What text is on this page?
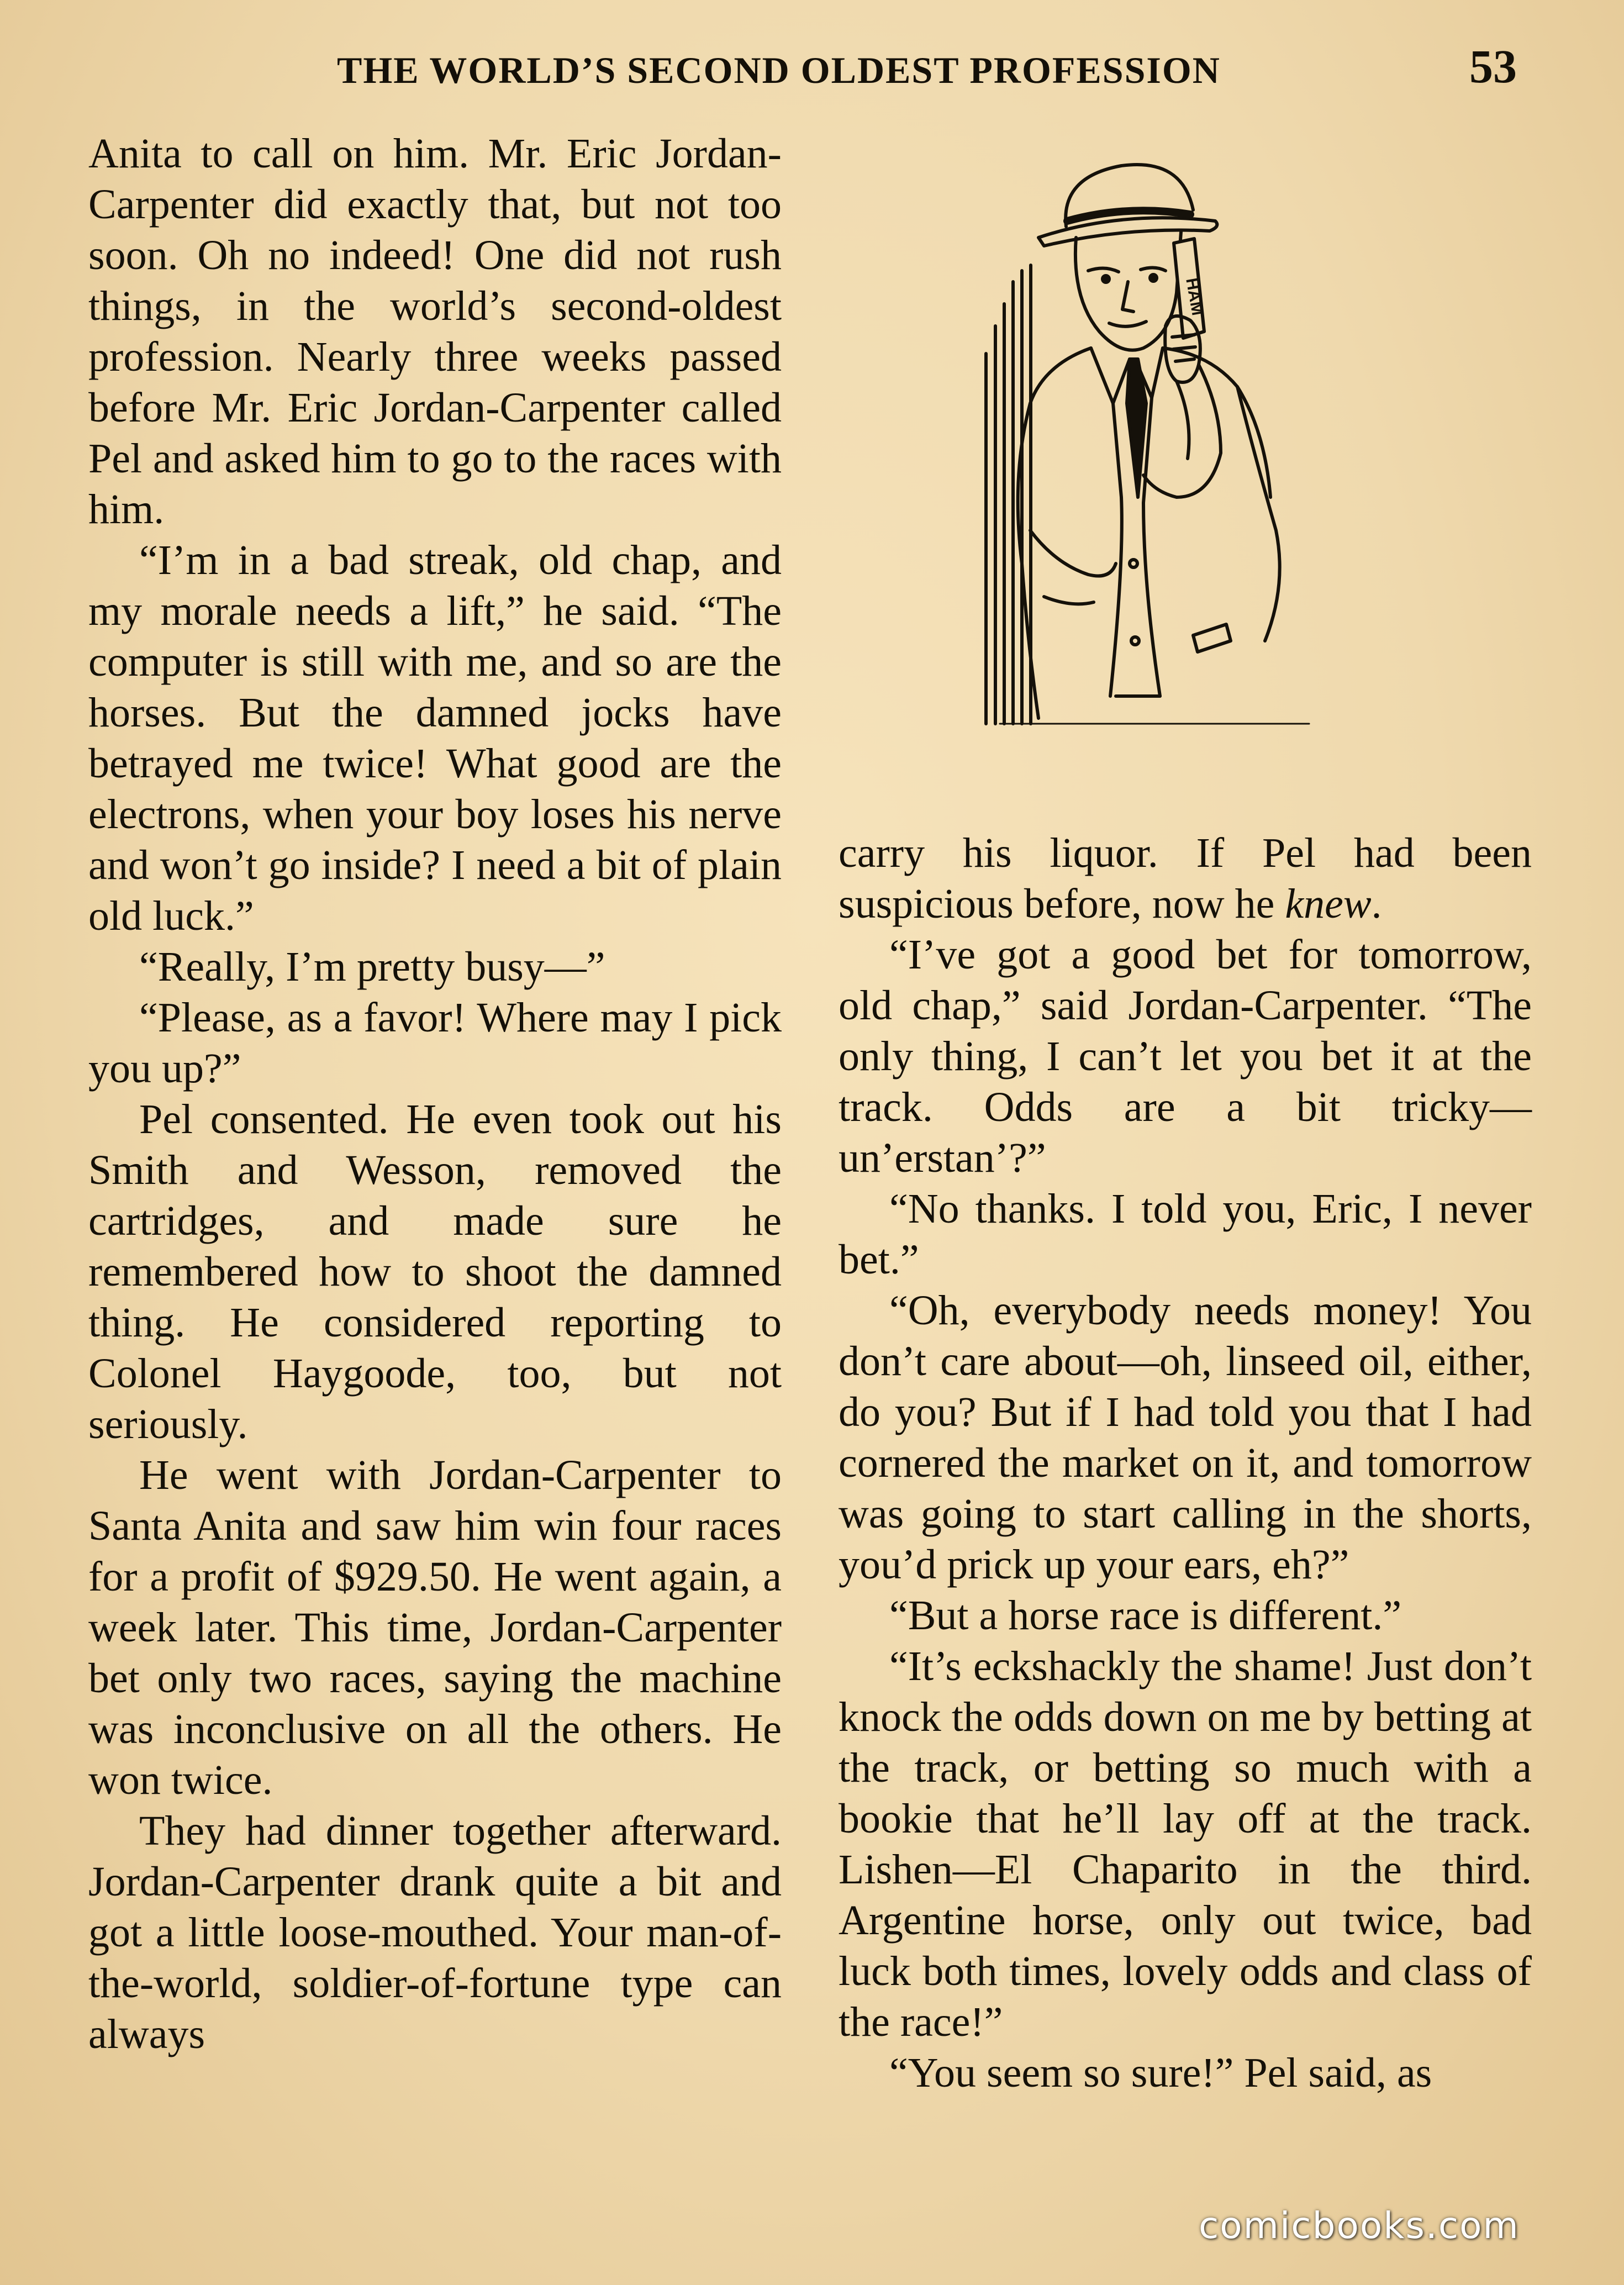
THE WORLD’S SECOND OLDEST PROFESSION	53

Anita to call on him. Mr. Eric Jordan-Carpenter did exactly that, but not too soon. Oh no indeed! One did not rush things, in the world’s second-oldest profession. Nearly three weeks passed before Mr. Eric Jordan-Carpenter called Pel and asked him to go to the races with him.

“I’m in a bad streak, old chap, and my morale needs a lift,” he said. “The computer is still with me, and so are the horses. But the damned jocks have betrayed me twice! What good are the electrons, when your boy loses his nerve and won’t go inside? I need a bit of plain old luck.”

“Really, I’m pretty busy—”

“Please, as a favor! Where may I pick you up?”

Pel consented. He even took out his Smith and Wesson, removed the cartridges, and made sure he remembered how to shoot the damned thing. He considered reporting to Colonel Haygoode, too, but not seriously.

He went with Jordan-Carpenter to Santa Anita and saw him win four races for a profit of $929.50. He went again, a week later. This time, Jordan-Carpenter bet only two races, saying the machine was inconclusive on all the others. He won twice.

They had dinner together afterward. Jordan-Carpenter drank quite a bit and got a little loose-mouthed. Your man-of-the-world, soldier-of-fortune type can always

HAM

carry his liquor. If Pel had been suspicious before, now he knew.

“I’ve got a good bet for tomorrow, old chap,” said Jordan-Carpenter. “The only thing, I can’t let you bet it at the track. Odds are a bit tricky—un’erstan’?”

“No thanks. I told you, Eric, I never bet.”

“Oh, everybody needs money! You don’t care about—oh, linseed oil, either, do you? But if I had told you that I had cornered the market on it, and tomorrow was going to start calling in the shorts, you’d prick up your ears, eh?”

“But a horse race is different.”

“It’s eckshackly the shame! Just don’t knock the odds down on me by betting at the track, or betting so much with a bookie that he’ll lay off at the track. Lishen—El Chaparito in the third. Argentine horse, only out twice, bad luck both times, lovely odds and class of the race!”

“You seem so sure!” Pel said, as

comicbooks.com
